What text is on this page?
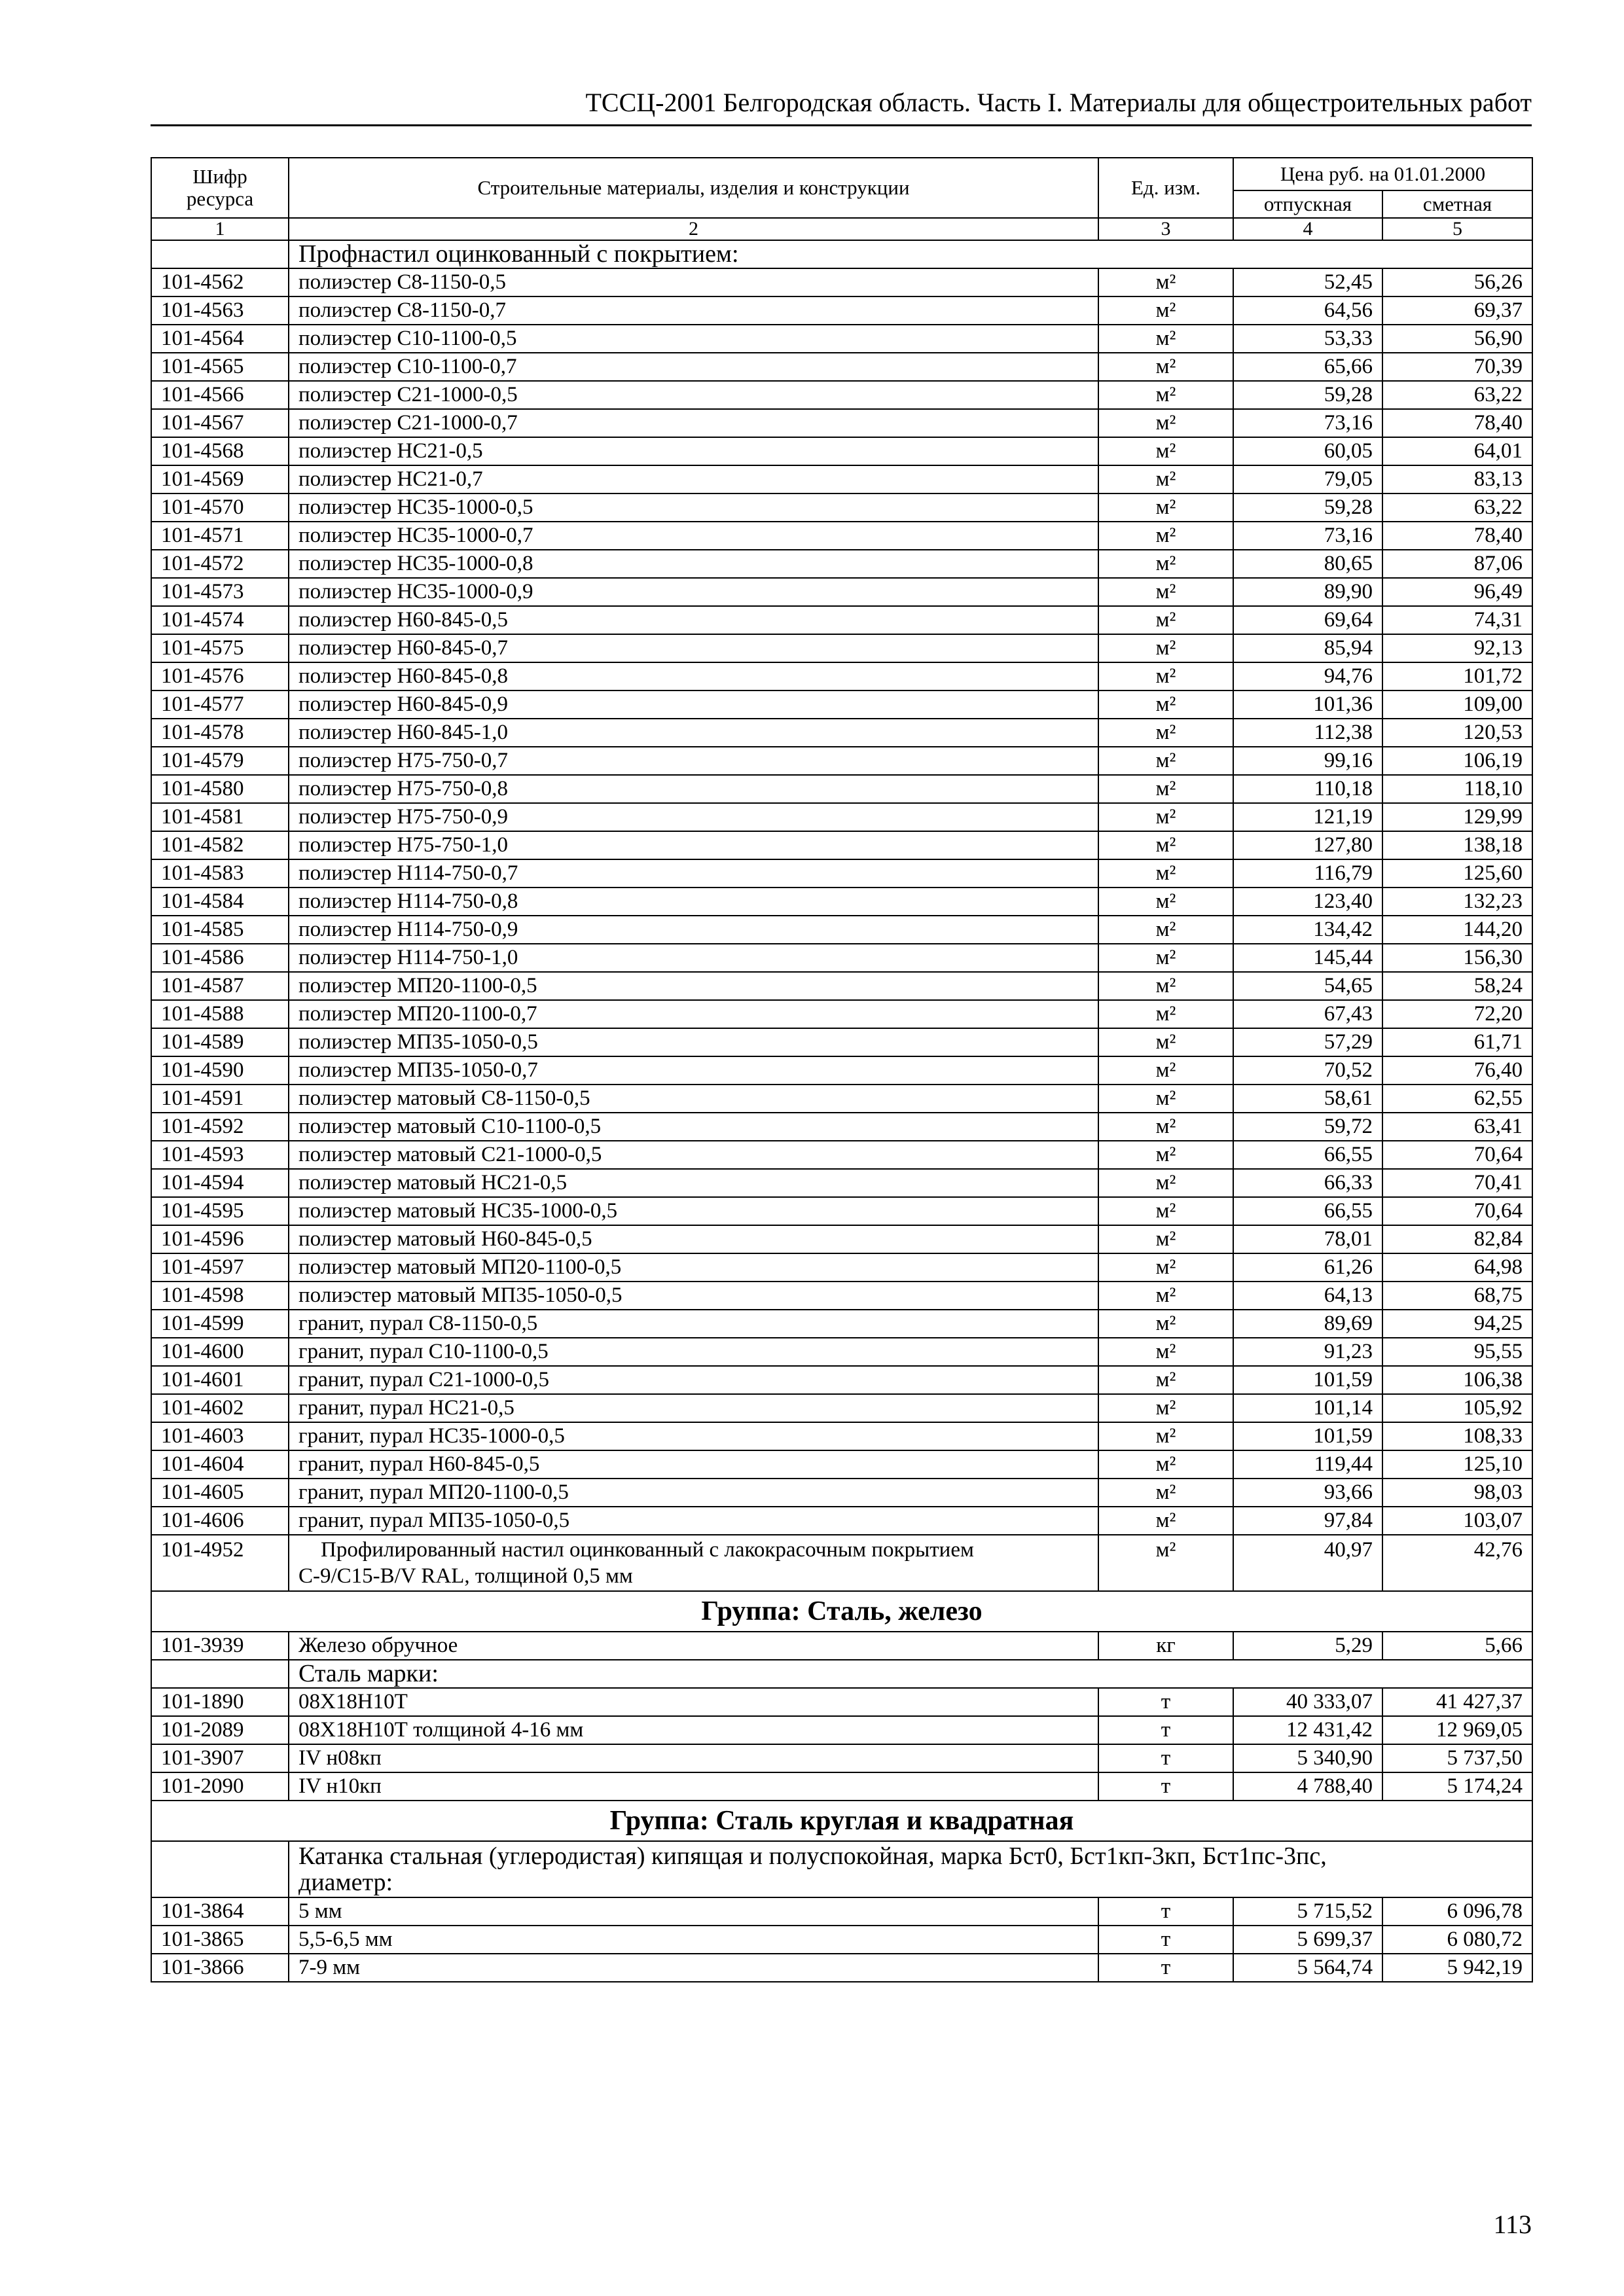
ТССЦ-2001 Белгородская область. Часть I. Материалы для общестроительных работ
Шифр ресурса	Строительные материалы, изделия и конструкции	Ед. изм.	Цена руб. на 01.01.2000	
			отпускная	сметная
1	2	3	4	5
	Профнастил оцинкованный с покрытием:			
101-4562	полиэстер С8-1150-0,5	м²	52,45	56,26
101-4563	полиэстер С8-1150-0,7	м²	64,56	69,37
101-4564	полиэстер С10-1100-0,5	м²	53,33	56,90
101-4565	полиэстер С10-1100-0,7	м²	65,66	70,39
101-4566	полиэстер С21-1000-0,5	м²	59,28	63,22
101-4567	полиэстер С21-1000-0,7	м²	73,16	78,40
101-4568	полиэстер НС21-0,5	м²	60,05	64,01
101-4569	полиэстер НС21-0,7	м²	79,05	83,13
101-4570	полиэстер НС35-1000-0,5	м²	59,28	63,22
101-4571	полиэстер НС35-1000-0,7	м²	73,16	78,40
101-4572	полиэстер НС35-1000-0,8	м²	80,65	87,06
101-4573	полиэстер НС35-1000-0,9	м²	89,90	96,49
101-4574	полиэстер Н60-845-0,5	м²	69,64	74,31
101-4575	полиэстер Н60-845-0,7	м²	85,94	92,13
101-4576	полиэстер Н60-845-0,8	м²	94,76	101,72
101-4577	полиэстер Н60-845-0,9	м²	101,36	109,00
101-4578	полиэстер Н60-845-1,0	м²	112,38	120,53
101-4579	полиэстер Н75-750-0,7	м²	99,16	106,19
101-4580	полиэстер Н75-750-0,8	м²	110,18	118,10
101-4581	полиэстер Н75-750-0,9	м²	121,19	129,99
101-4582	полиэстер Н75-750-1,0	м²	127,80	138,18
101-4583	полиэстер Н114-750-0,7	м²	116,79	125,60
101-4584	полиэстер Н114-750-0,8	м²	123,40	132,23
101-4585	полиэстер Н114-750-0,9	м²	134,42	144,20
101-4586	полиэстер Н114-750-1,0	м²	145,44	156,30
101-4587	полиэстер МП20-1100-0,5	м²	54,65	58,24
101-4588	полиэстер МП20-1100-0,7	м²	67,43	72,20
101-4589	полиэстер МП35-1050-0,5	м²	57,29	61,71
101-4590	полиэстер МП35-1050-0,7	м²	70,52	76,40
101-4591	полиэстер матовый С8-1150-0,5	м²	58,61	62,55
101-4592	полиэстер матовый С10-1100-0,5	м²	59,72	63,41
101-4593	полиэстер матовый С21-1000-0,5	м²	66,55	70,64
101-4594	полиэстер матовый НС21-0,5	м²	66,33	70,41
101-4595	полиэстер матовый НС35-1000-0,5	м²	66,55	70,64
101-4596	полиэстер матовый Н60-845-0,5	м²	78,01	82,84
101-4597	полиэстер матовый МП20-1100-0,5	м²	61,26	64,98
101-4598	полиэстер матовый МП35-1050-0,5	м²	64,13	68,75
101-4599	гранит, пурал С8-1150-0,5	м²	89,69	94,25
101-4600	гранит, пурал С10-1100-0,5	м²	91,23	95,55
101-4601	гранит, пурал С21-1000-0,5	м²	101,59	106,38
101-4602	гранит, пурал НС21-0,5	м²	101,14	105,92
101-4603	гранит, пурал НС35-1000-0,5	м²	101,59	108,33
101-4604	гранит, пурал Н60-845-0,5	м²	119,44	125,10
101-4605	гранит, пурал МП20-1100-0,5	м²	93,66	98,03
101-4606	гранит, пурал МП35-1050-0,5	м²	97,84	103,07
101-4952	Профилированный настил оцинкованный с лакокрасочным покрытием
С-9/С15-В/V RAL, толщиной 0,5 мм	м²	40,97	42,76
Группа: Сталь, железо				
101-3939	Железо обручное	кг	5,29	5,66

	Сталь марки:			

101-1890	08Х18Н10Т	т	40 333,07	41 427,37
101-2089	08Х18Н10Т толщиной 4-16 мм	т	12 431,42	12 969,05
101-3907	IV н08кп	т	5 340,90	5 737,50
101-2090	IV н10кп	т	4 788,40	5 174,24
Группа: Сталь круглая и квадратная				

	Катанка стальная (углеродистая) кипящая и полуспокойная, марка Бст0, Бст1кп-3кп, Бст1пс-3пс,
диаметр:			

101-3864	5 мм	т	5 715,52	6 096,78
101-3865	5,5-6,5 мм	т	5 699,37	6 080,72
101-3866	7-9 мм	т	5 564,74	5 942,19
113
